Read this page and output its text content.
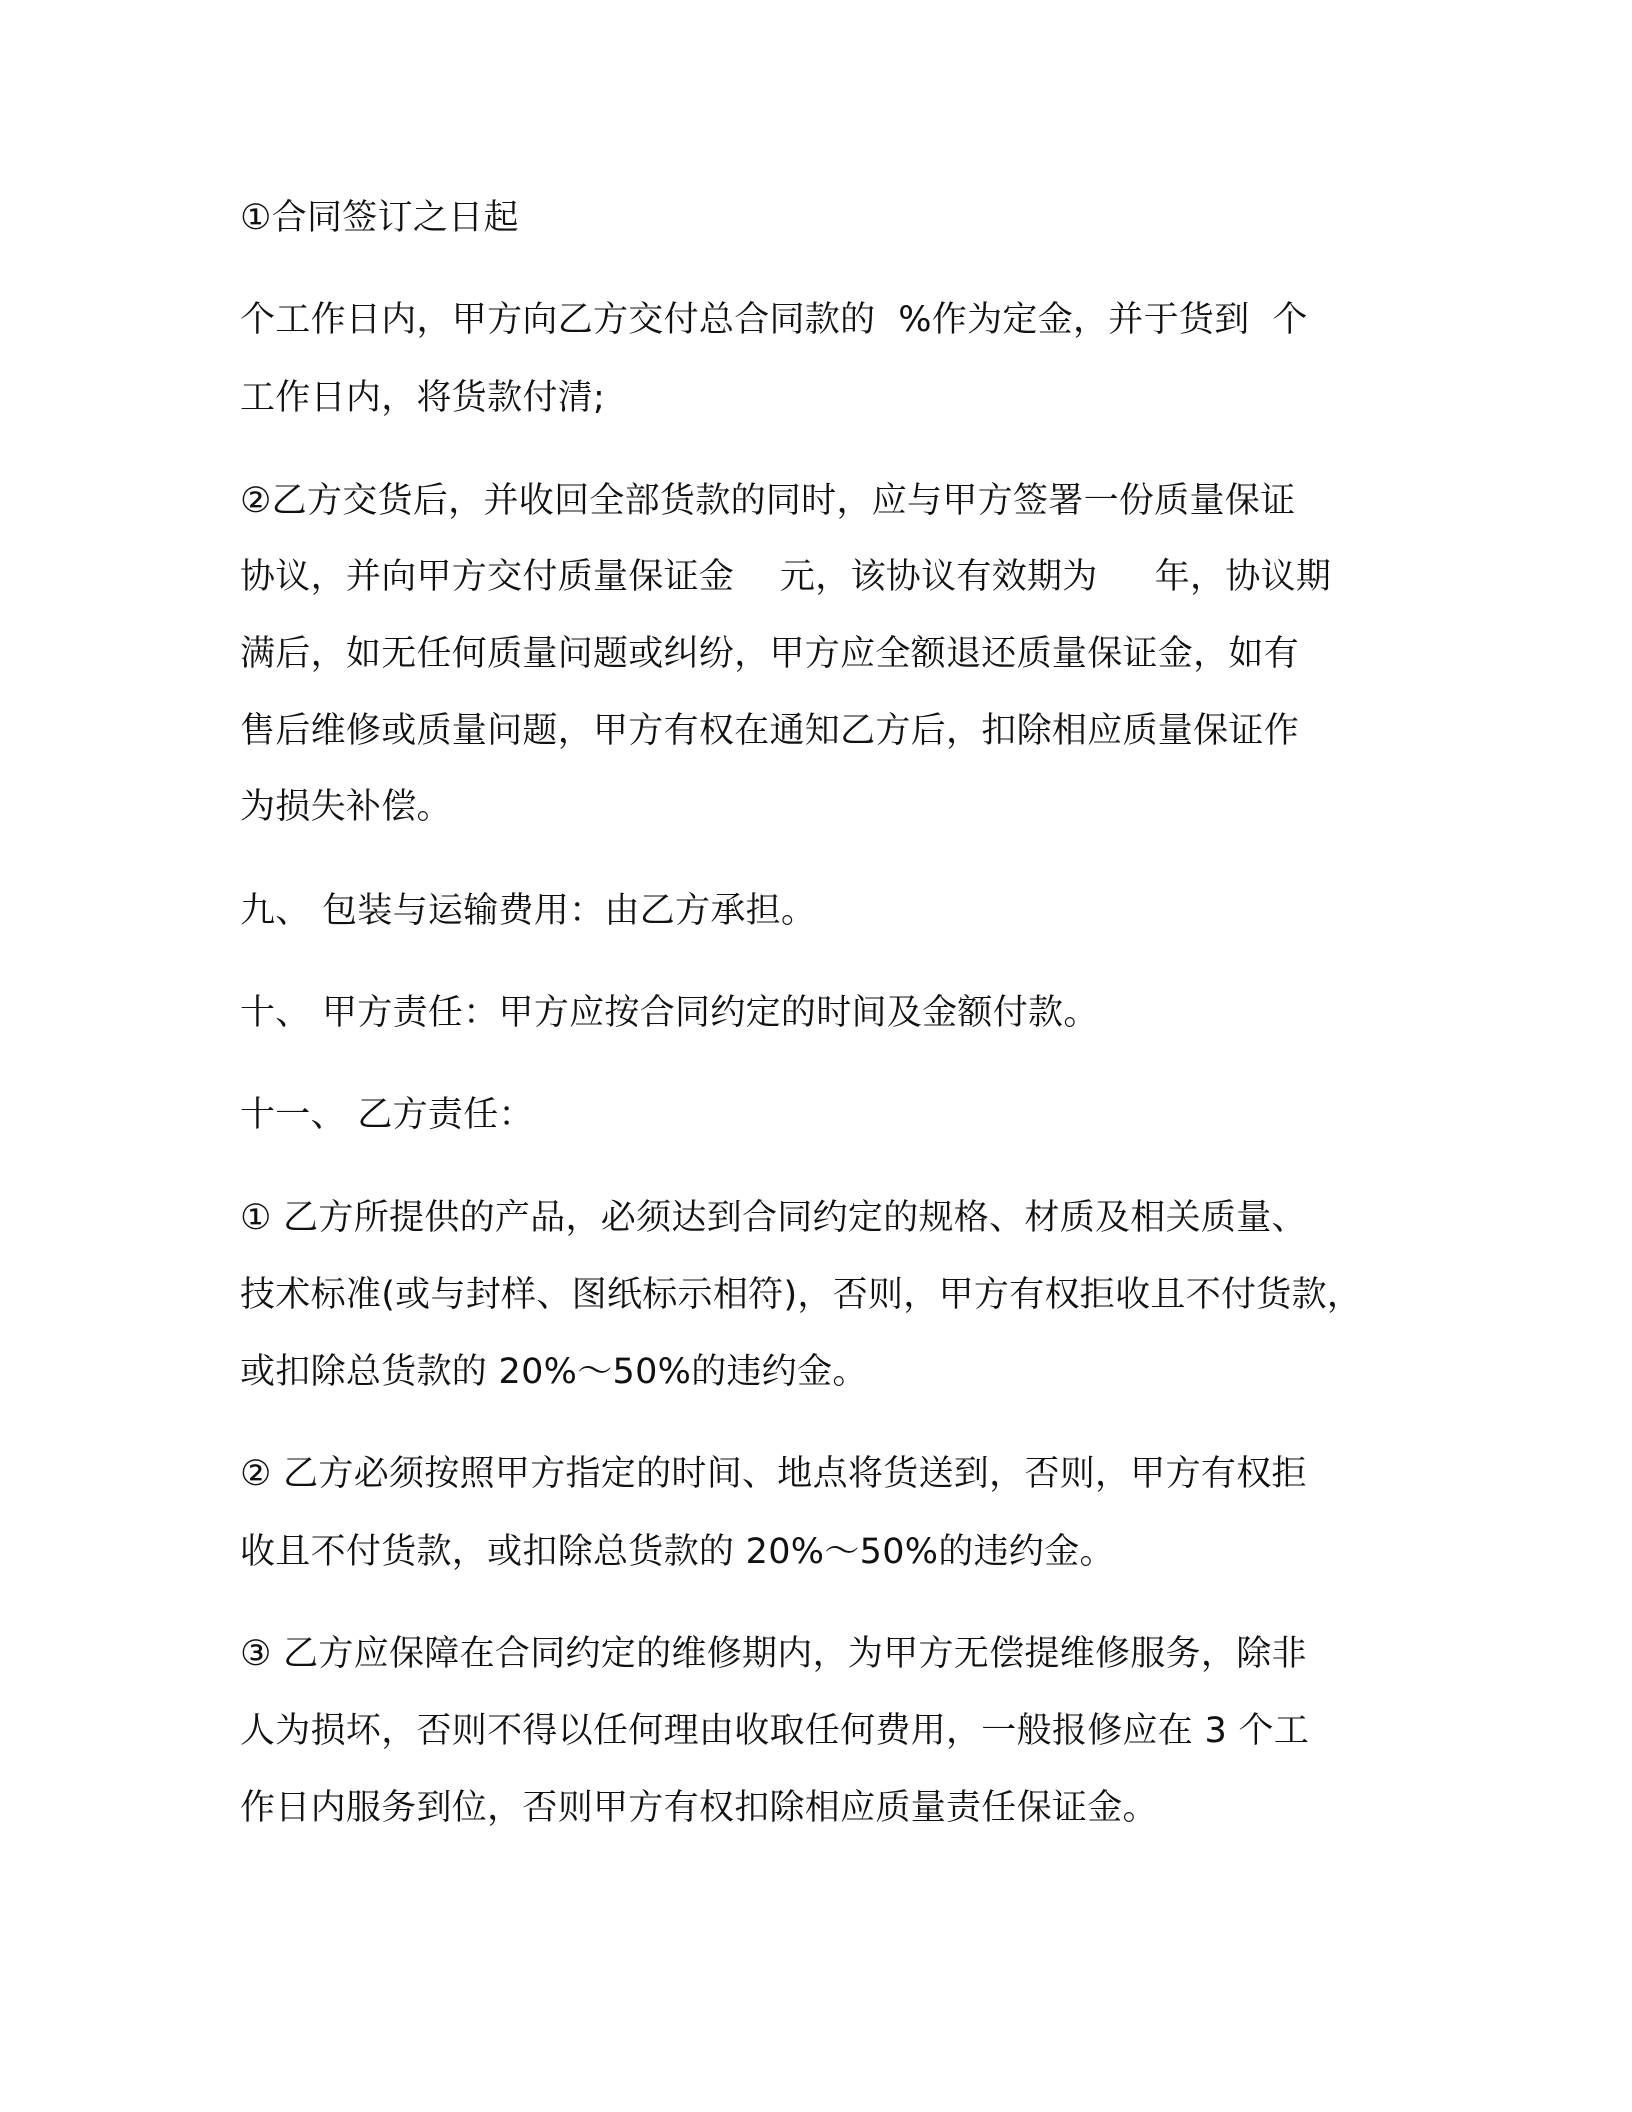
①合同签订之日起
个工作日内，甲方向乙方交付总合同款的  %作为定金，并于货到  个
工作日内，将货款付清;
②乙方交货后，并收回全部货款的同时，应与甲方签署一份质量保证
协议，并向甲方交付质量保证金    元，该协议有效期为     年，协议期
满后，如无任何质量问题或纠纷，甲方应全额退还质量保证金，如有
售后维修或质量问题，甲方有权在通知乙方后，扣除相应质量保证作
为损失补偿。
九、 包装与运输费用：由乙方承担。
十、 甲方责任：甲方应按合同约定的时间及金额付款。
十一、 乙方责任：
① 乙方所提供的产品，必须达到合同约定的规格、材质及相关质量、
技术标准(或与封样、图纸标示相符)，否则，甲方有权拒收且不付货款，
或扣除总货款的 20%～50%的违约金。
② 乙方必须按照甲方指定的时间、地点将货送到，否则，甲方有权拒
收且不付货款，或扣除总货款的 20%～50%的违约金。
③ 乙方应保障在合同约定的维修期内，为甲方无偿提维修服务，除非
人为损坏，否则不得以任何理由收取任何费用，一般报修应在 3 个工
作日内服务到位，否则甲方有权扣除相应质量责任保证金。
